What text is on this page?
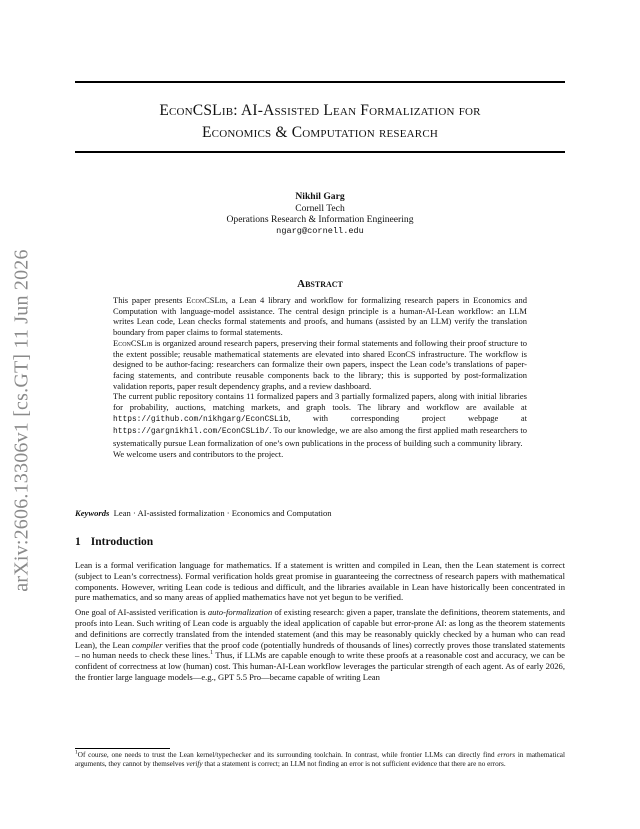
arXiv:2606.13306v1 [cs.GT] 11 Jun 2026
EconCSLib: AI-Assisted Lean Formalization for
Economics & Computation research
Nikhil Garg
Cornell Tech
Operations Research & Information Engineering
ngarg@cornell.edu
Abstract

This paper presents EconCSLib, a Lean 4 library and workflow for formalizing research papers in Economics and Computation with language-model assistance. The central design principle is a human-AI-Lean workflow: an LLM writes Lean code, Lean checks formal statements and proofs, and humans (assisted by an LLM) verify the translation boundary from paper claims to formal statements.

EconCSLib is organized around research papers, preserving their formal statements and following their proof structure to the extent possible; reusable mathematical statements are elevated into shared EconCS infrastructure. The workflow is designed to be author-facing: researchers can formalize their own papers, inspect the Lean code’s translations of paper-facing statements, and contribute reusable components back to the library; this is supported by post-formalization validation reports, paper result dependency graphs, and a review dashboard.

The current public repository contains 11 formalized papers and 3 partially formalized papers, along with initial libraries for probability, auctions, matching markets, and graph tools. The library and workflow are available at https://github.com/nikhgarg/EconCSLib, with corresponding project webpage at https://gargnikhil.com/EconCSLib/. To our knowledge, we are also among the first applied math researchers to systematically pursue Lean formalization of one’s own publications in the process of building such a community library.

We welcome users and contributors to the project.

Keywords Lean · AI-assisted formalization · Economics and Computation
1 Introduction

Lean is a formal verification language for mathematics. If a statement is written and compiled in Lean, then the Lean statement is correct (subject to Lean’s correctness). Formal verification holds great promise in guaranteeing the correctness of research papers with mathematical components. However, writing Lean code is tedious and difficult, and the libraries available in Lean have historically been concentrated in pure mathematics, and so many areas of applied mathematics have not yet begun to be verified.

One goal of AI-assisted verification is auto-formalization of existing research: given a paper, translate the definitions, theorem statements, and proofs into Lean. Such writing of Lean code is arguably the ideal application of capable but error-prone AI: as long as the theorem statements and definitions are correctly translated from the intended statement (and this may be reasonably quickly checked by a human who can read Lean), the Lean compiler verifies that the proof code (potentially hundreds of thousands of lines) correctly proves those translated statements – no human needs to check these lines.$^1$ Thus, if LLMs are capable enough to write these proofs at a reasonable cost and accuracy, we can be confident of correctness at low (human) cost. This human-AI-Lean workflow leverages the particular strength of each agent. As of early 2026, the frontier large language models—e.g., GPT 5.5 Pro—became capable of writing Lean

$^1$Of course, one needs to trust the Lean kernel/typechecker and its surrounding toolchain. In contrast, while frontier LLMs can directly find errors in mathematical arguments, they cannot by themselves verify that a statement is correct; an LLM not finding an error is not sufficient evidence that there are no errors.
